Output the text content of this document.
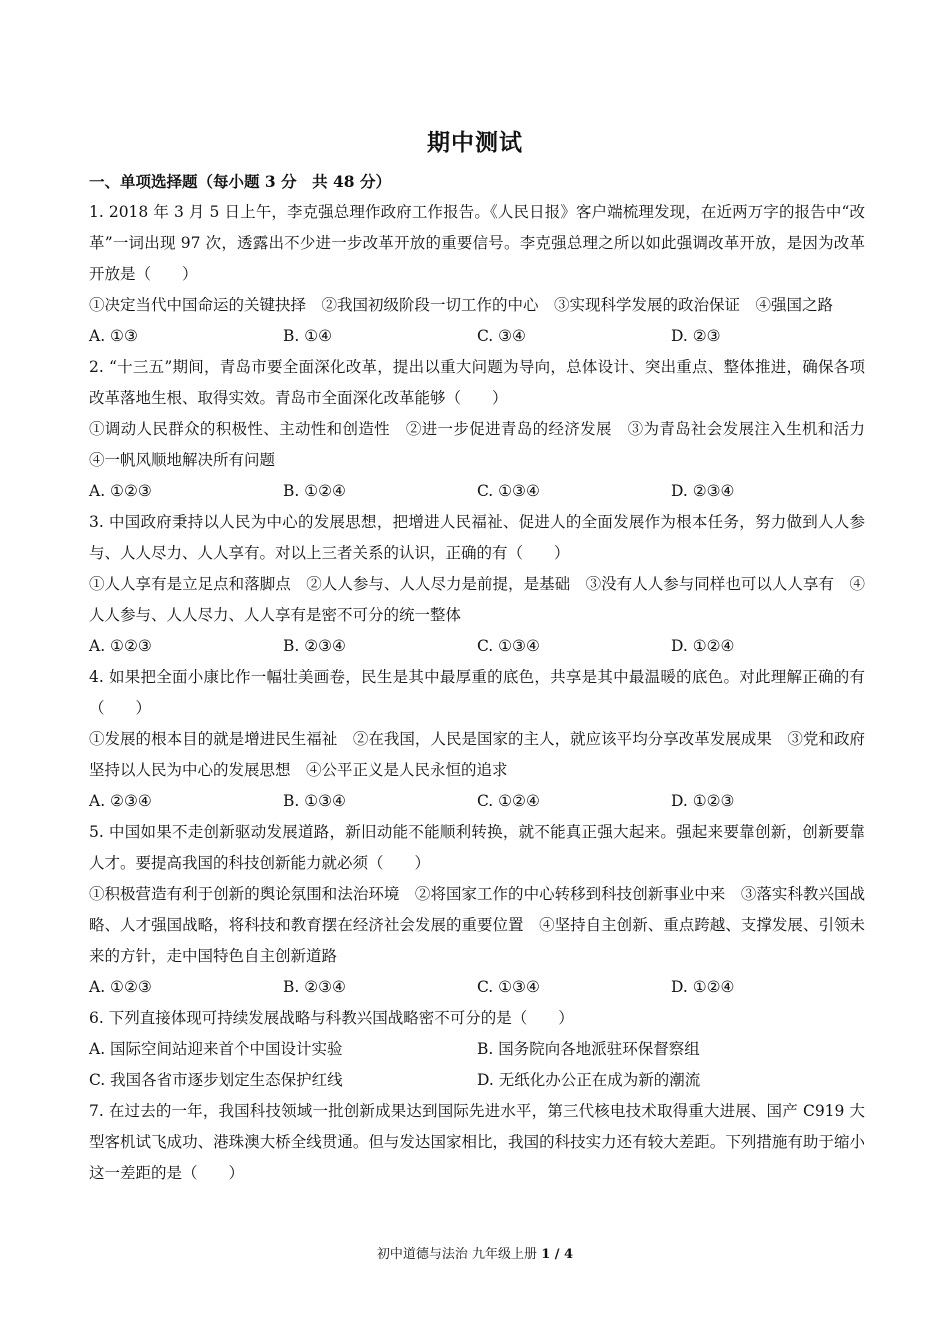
期中测试
一、单项选择题（每小题 3 分　共 48 分）
1. 2018 年 3 月 5 日上午，李克强总理作政府工作报告。《人民日报》客户端梳理发现，在近两万字的报告中“改革”一词出现 97 次，透露出不少进一步改革开放的重要信号。李克强总理之所以如此强调改革开放，是因为改革开放是（　　）
①决定当代中国命运的关键抉择　②我国初级阶段一切工作的中心　③实现科学发展的政治保证　④强国之路
A. ①③	B. ①④	C. ③④	D. ②③
2. “十三五”期间，青岛市要全面深化改革，提出以重大问题为导向，总体设计、突出重点、整体推进，确保各项改革落地生根、取得实效。青岛市全面深化改革能够（　　）
①调动人民群众的积极性、主动性和创造性　②进一步促进青岛的经济发展　③为青岛社会发展注入生机和活力　④一帆风顺地解决所有问题
A. ①②③	B. ①②④	C. ①③④	D. ②③④
3. 中国政府秉持以人民为中心的发展思想，把增进人民福祉、促进人的全面发展作为根本任务，努力做到人人参与、人人尽力、人人享有。对以上三者关系的认识，正确的有（　　）
①人人享有是立足点和落脚点　②人人参与、人人尽力是前提，是基础　③没有人人参与同样也可以人人享有　④人人参与、人人尽力、人人享有是密不可分的统一整体
A. ①②③	B. ②③④	C. ①③④	D. ①②④
4. 如果把全面小康比作一幅壮美画卷，民生是其中最厚重的底色，共享是其中最温暖的底色。对此理解正确的有（　　）
①发展的根本目的就是增进民生福祉　②在我国，人民是国家的主人，就应该平均分享改革发展成果　③党和政府坚持以人民为中心的发展思想　④公平正义是人民永恒的追求
A. ②③④	B. ①③④	C. ①②④	D. ①②③
5. 中国如果不走创新驱动发展道路，新旧动能不能顺利转换，就不能真正强大起来。强起来要靠创新，创新要靠人才。要提高我国的科技创新能力就必须（　　）
①积极营造有利于创新的舆论氛围和法治环境　②将国家工作的中心转移到科技创新事业中来　③落实科教兴国战略、人才强国战略，将科技和教育摆在经济社会发展的重要位置　④坚持自主创新、重点跨越、支撑发展、引领未来的方针，走中国特色自主创新道路
A. ①②③	B. ②③④	C. ①③④	D. ①②④
6. 下列直接体现可持续发展战略与科教兴国战略密不可分的是（　　）
A. 国际空间站迎来首个中国设计实验	B. 国务院向各地派驻环保督察组
C. 我国各省市逐步划定生态保护红线	D. 无纸化办公正在成为新的潮流
7. 在过去的一年，我国科技领域一批创新成果达到国际先进水平，第三代核电技术取得重大进展、国产 C919 大型客机试飞成功、港珠澳大桥全线贯通。但与发达国家相比，我国的科技实力还有较大差距。下列措施有助于缩小这一差距的是（　　）
初中道德与法治 九年级上册 1 / 4
